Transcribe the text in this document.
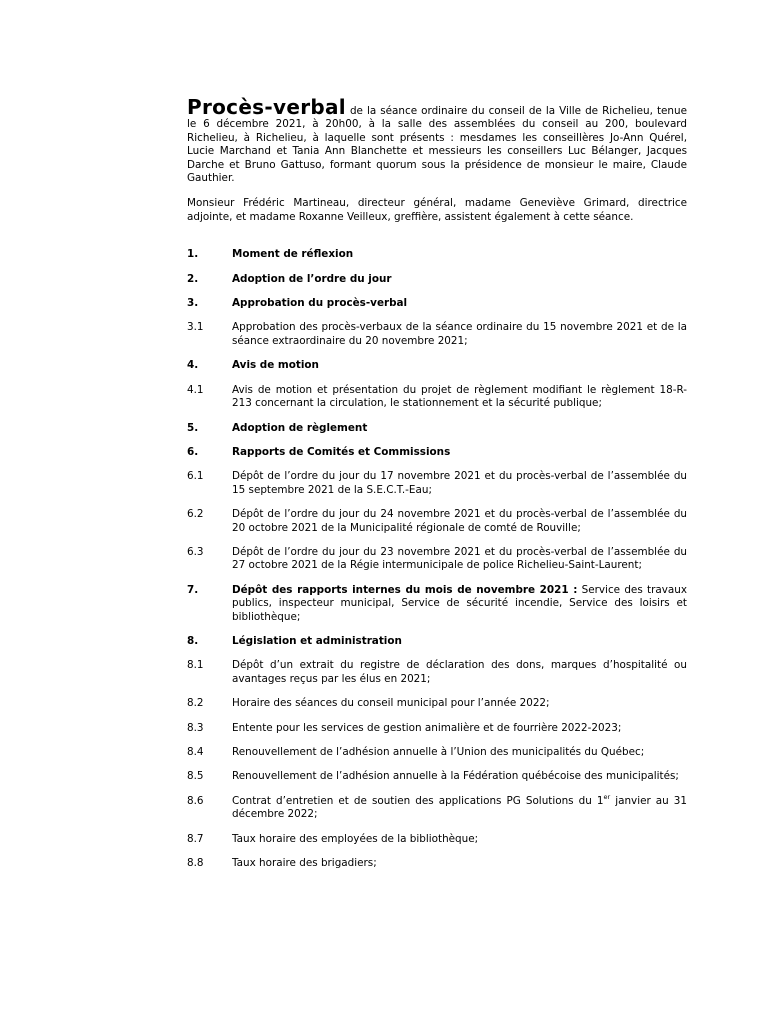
Procès-verbal de la séance ordinaire du conseil de la Ville de Richelieu, tenue le 6 décembre 2021, à 20h00, à la salle des assemblées du conseil au 200, boulevard Richelieu, à Richelieu, à laquelle sont présents : mesdames les conseillères Jo-Ann Quérel, Lucie Marchand et Tania Ann Blanchette et messieurs les conseillers Luc Bélanger, Jacques Darche et Bruno Gattuso, formant quorum sous la présidence de monsieur le maire, Claude Gauthier.

Monsieur Frédéric Martineau, directeur général, madame Geneviève Grimard, directrice adjointe, et madame Roxanne Veilleux, greffière, assistent également à cette séance.

1.	Moment de réflexion
2.	Adoption de l’ordre du jour
3.	Approbation du procès-verbal
3.1	Approbation des procès-verbaux de la séance ordinaire du 15 novembre 2021 et de la séance extraordinaire du 20 novembre 2021;
4.	Avis de motion
4.1	Avis de motion et présentation du projet de règlement modifiant le règlement 18-R-213 concernant la circulation, le stationnement et la sécurité publique;
5.	Adoption de règlement
6.	Rapports de Comités et Commissions
6.1	Dépôt de l’ordre du jour du 17 novembre 2021 et du procès-verbal de l’assemblée du 15 septembre 2021 de la S.E.C.T.-Eau;
6.2	Dépôt de l’ordre du jour du 24 novembre 2021 et du procès-verbal de l’assemblée du 20 octobre 2021 de la Municipalité régionale de comté de Rouville;
6.3	Dépôt de l’ordre du jour du 23 novembre 2021 et du procès-verbal de l’assemblée du 27 octobre 2021 de la Régie intermunicipale de police Richelieu-Saint-Laurent;
7.	Dépôt des rapports internes du mois de novembre 2021 : Service des travaux publics, inspecteur municipal, Service de sécurité incendie, Service des loisirs et bibliothèque;
8.	Législation et administration
8.1	Dépôt d’un extrait du registre de déclaration des dons, marques d’hospitalité ou avantages reçus par les élus en 2021;
8.2	Horaire des séances du conseil municipal pour l’année 2022;
8.3	Entente pour les services de gestion animalière et de fourrière 2022-2023;
8.4	Renouvellement de l’adhésion annuelle à l’Union des municipalités du Québec;
8.5	Renouvellement de l’adhésion annuelle à la Fédération québécoise des municipalités;
8.6	Contrat d’entretien et de soutien des applications PG Solutions du 1er janvier au 31 décembre 2022;
8.7	Taux horaire des employées de la bibliothèque;
8.8	Taux horaire des brigadiers;
